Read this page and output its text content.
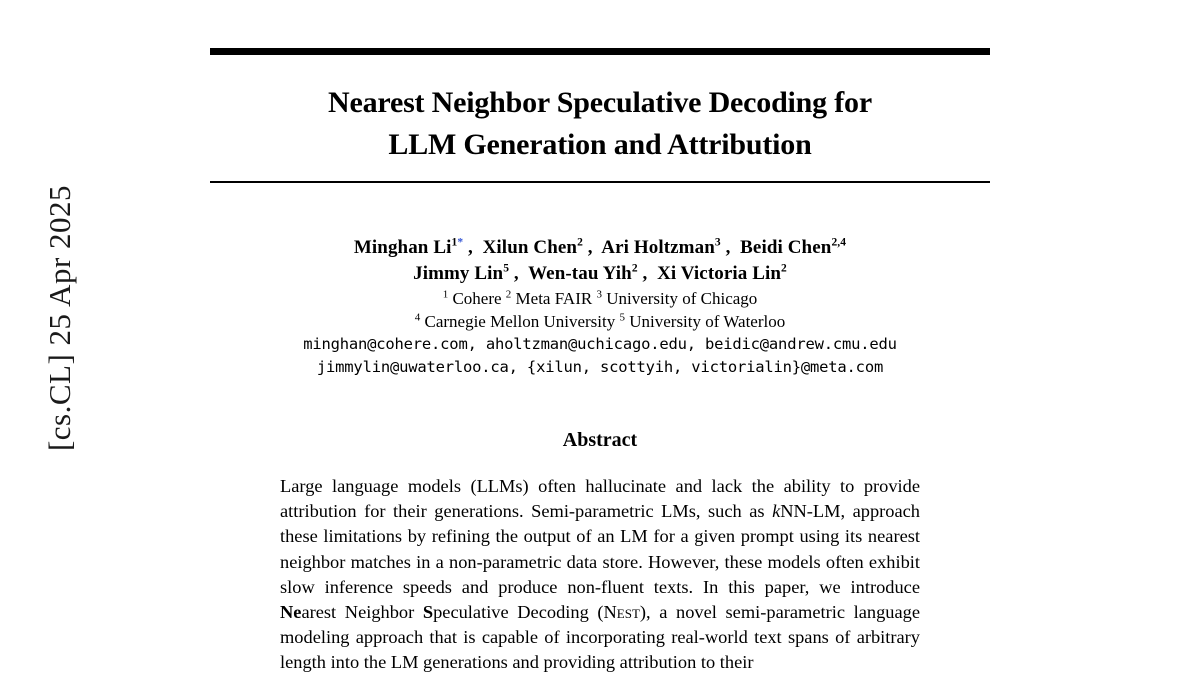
[cs.CL] 25 Apr 2025
Nearest Neighbor Speculative Decoding for
LLM Generation and Attribution
Minghan $Li^{1*}$ ,  Xilun Chen$^2$ ,  Ari Holtzman$^3$ ,  Beidi Chen$^{2,4}$
Jimmy Lin$^5$ ,  Wen-tau Yih$^2$ ,  Xi Victoria Lin$^2$
$^1$ Cohere $^2$ Meta FAIR $^3$ University of Chicago
$^4$ Carnegie Mellon University $^5$ University of Waterloo
minghan@cohere.com, aholtzman@uchicago.edu, beidic@andrew.cmu.edu
jimmylin@uwaterloo.ca, {xilun, scottyih, victorialin}@meta.com
Abstract
Large language models (LLMs) often hallucinate and lack the ability to provide attribution for their generations. Semi-parametric LMs, such as kNN-LM, approach these limitations by refining the output of an LM for a given prompt using its nearest neighbor matches in a non-parametric data store. However, these models often exhibit slow inference speeds and produce non-fluent texts. In this paper, we introduce Nearest Neighbor Speculative Decoding (Nest), a novel semi-parametric language modeling approach that is capable of incorporating real-world text spans of arbitrary length into the LM generations and providing attribution to their
